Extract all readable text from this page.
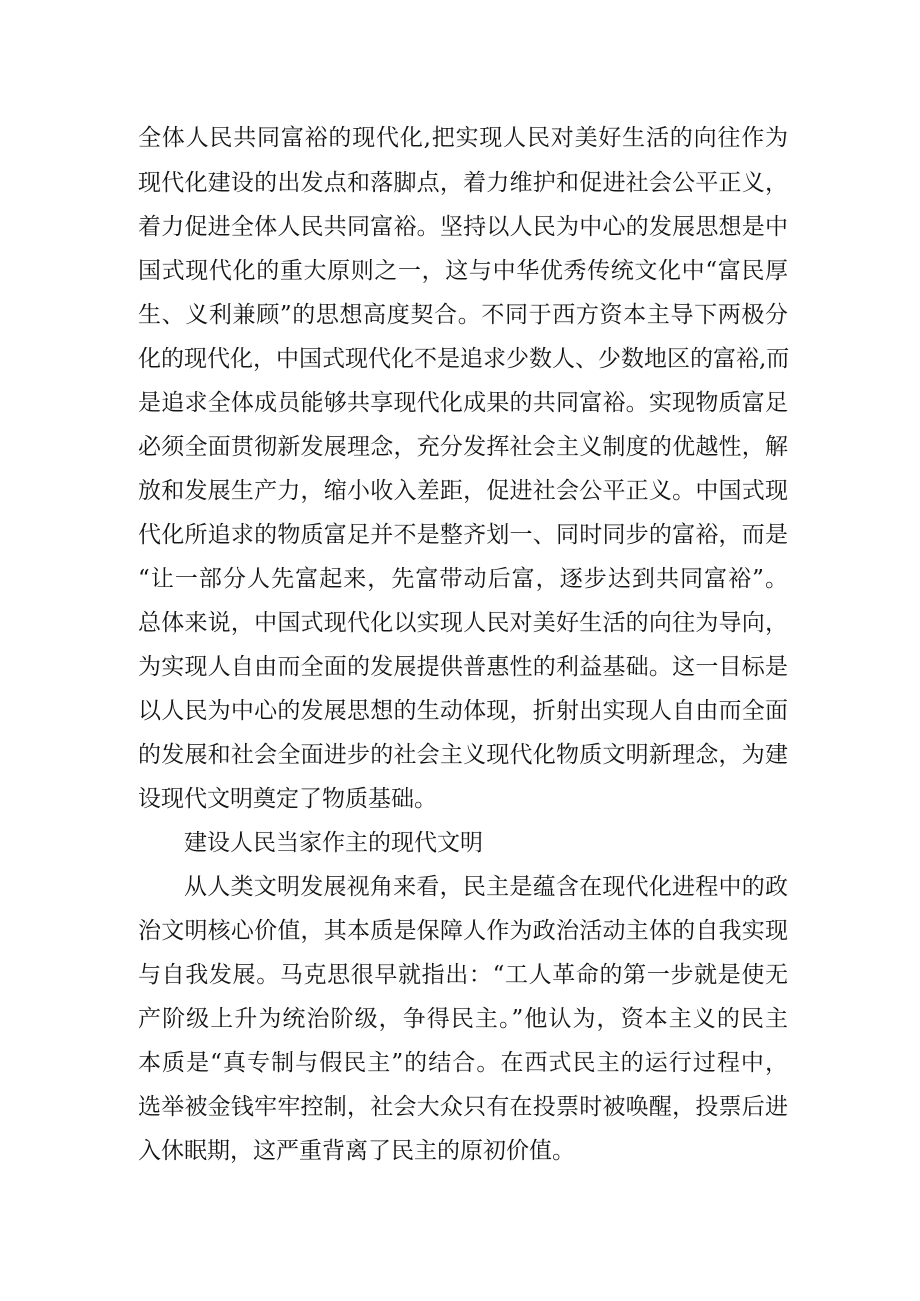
全体人民共同富裕的现代化,把实现人民对美好生活的向往作为
现代化建设的出发点和落脚点，着力维护和促进社会公平正义，
着力促进全体人民共同富裕。坚持以人民为中心的发展思想是中
国式现代化的重大原则之一，这与中华优秀传统文化中“富民厚
生、义利兼顾”的思想高度契合。不同于西方资本主导下两极分
化的现代化，中国式现代化不是追求少数人、少数地区的富裕,而
是追求全体成员能够共享现代化成果的共同富裕。实现物质富足
必须全面贯彻新发展理念，充分发挥社会主义制度的优越性，解
放和发展生产力，缩小收入差距，促进社会公平正义。中国式现
代化所追求的物质富足并不是整齐划一、同时同步的富裕，而是
“让一部分人先富起来，先富带动后富，逐步达到共同富裕”。
总体来说，中国式现代化以实现人民对美好生活的向往为导向，
为实现人自由而全面的发展提供普惠性的利益基础。这一目标是
以人民为中心的发展思想的生动体现，折射出实现人自由而全面
的发展和社会全面进步的社会主义现代化物质文明新理念，为建
设现代文明奠定了物质基础。
建设人民当家作主的现代文明
从人类文明发展视角来看，民主是蕴含在现代化进程中的政
治文明核心价值，其本质是保障人作为政治活动主体的自我实现
与自我发展。马克思很早就指出：“工人革命的第一步就是使无
产阶级上升为统治阶级，争得民主。”他认为，资本主义的民主
本质是“真专制与假民主”的结合。在西式民主的运行过程中，
选举被金钱牢牢控制，社会大众只有在投票时被唤醒，投票后进
入休眠期，这严重背离了民主的原初价值。
